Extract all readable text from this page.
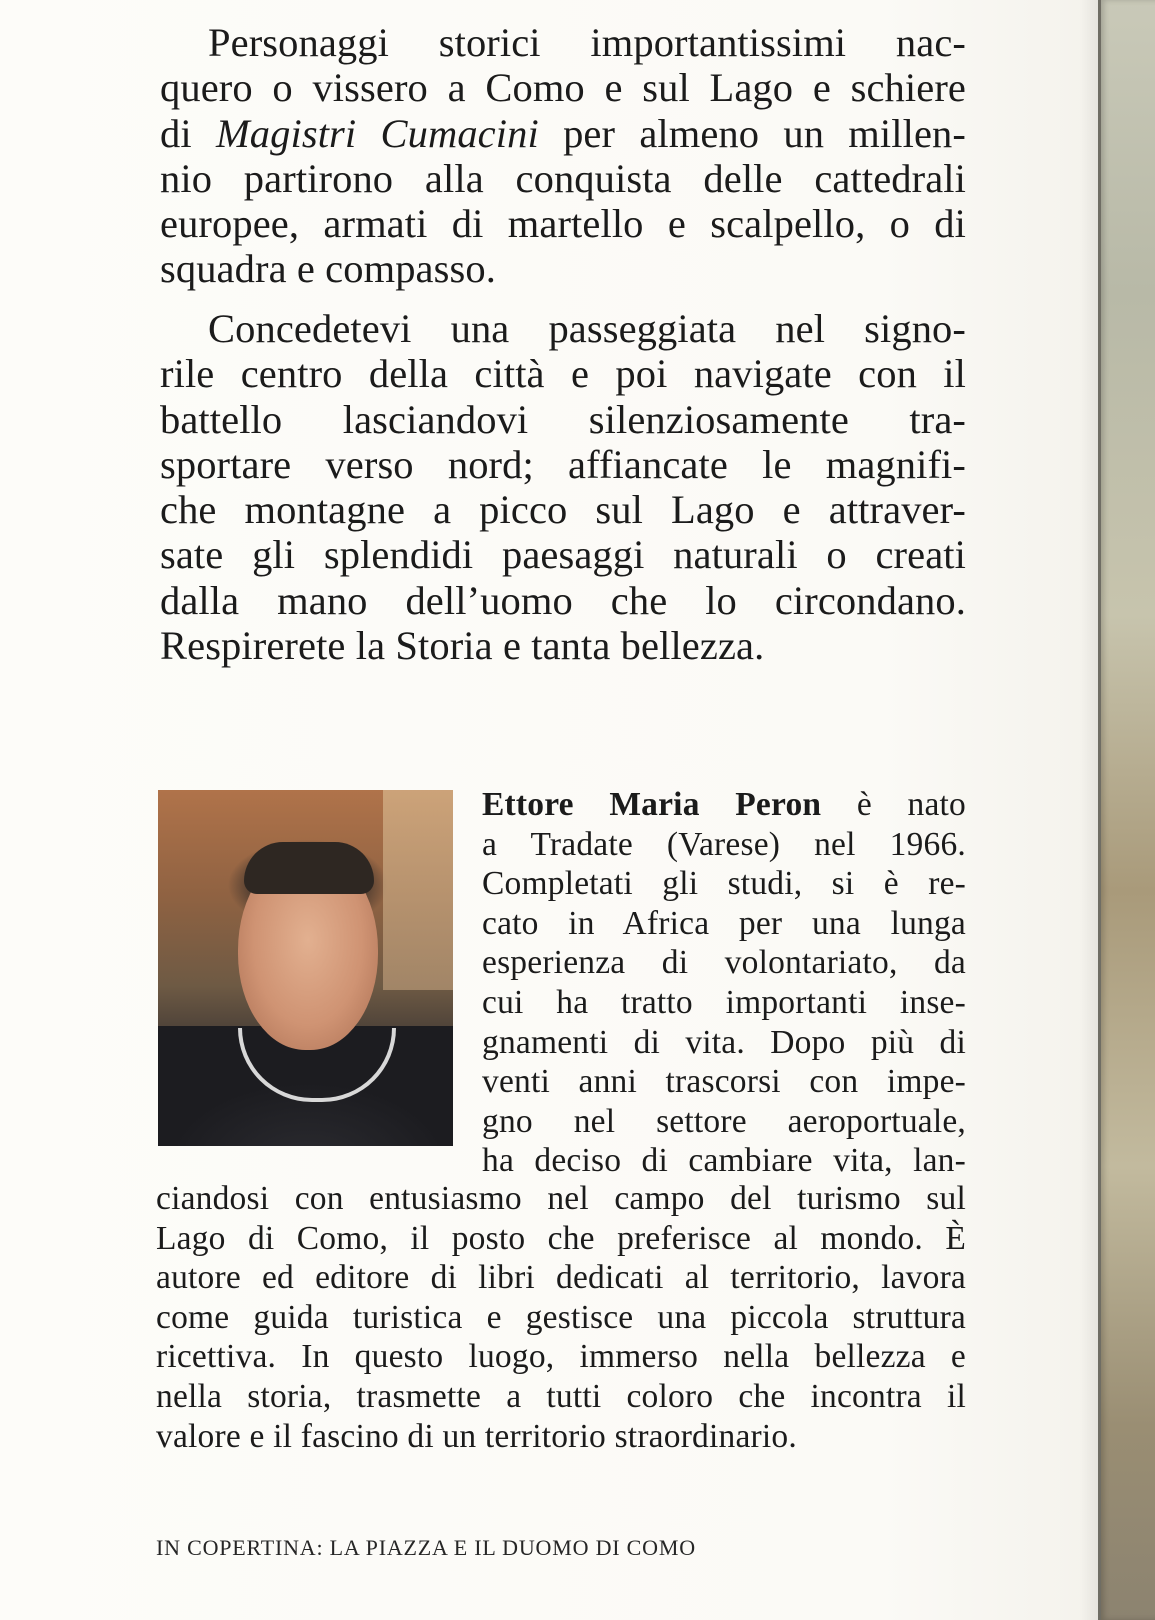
Personaggi storici importantissimi nac-
quero o vissero a Como e sul Lago e schiere
di Magistri Cumacini per almeno un millen-
nio partirono alla conquista delle cattedrali
europee, armati di martello e scalpello, o di
squadra e compasso.
Concedetevi una passeggiata nel signo-
rile centro della città e poi navigate con il
battello lasciandovi silenziosamente tra-
sportare verso nord; affiancate le magnifi-
che montagne a picco sul Lago e attraver-
sate gli splendidi paesaggi naturali o creati
dalla mano dell’uomo che lo circondano.
Respirerete la Storia e tanta bellezza.
Ettore Maria Peron è nato
a Tradate (Varese) nel 1966.
Completati gli studi, si è re-
cato in Africa per una lunga
esperienza di volontariato, da
cui ha tratto importanti inse-
gnamenti di vita. Dopo più di
venti anni trascorsi con impe-
gno nel settore aeroportuale,
ha deciso di cambiare vita, lan-
ciandosi con entusiasmo nel campo del turismo sul
Lago di Como, il posto che preferisce al mondo. È
autore ed editore di libri dedicati al territorio, lavora
come guida turistica e gestisce una piccola struttura
ricettiva. In questo luogo, immerso nella bellezza e
nella storia, trasmette a tutti coloro che incontra il
valore e il fascino di un territorio straordinario.
IN COPERTINA: LA PIAZZA E IL DUOMO DI COMO
